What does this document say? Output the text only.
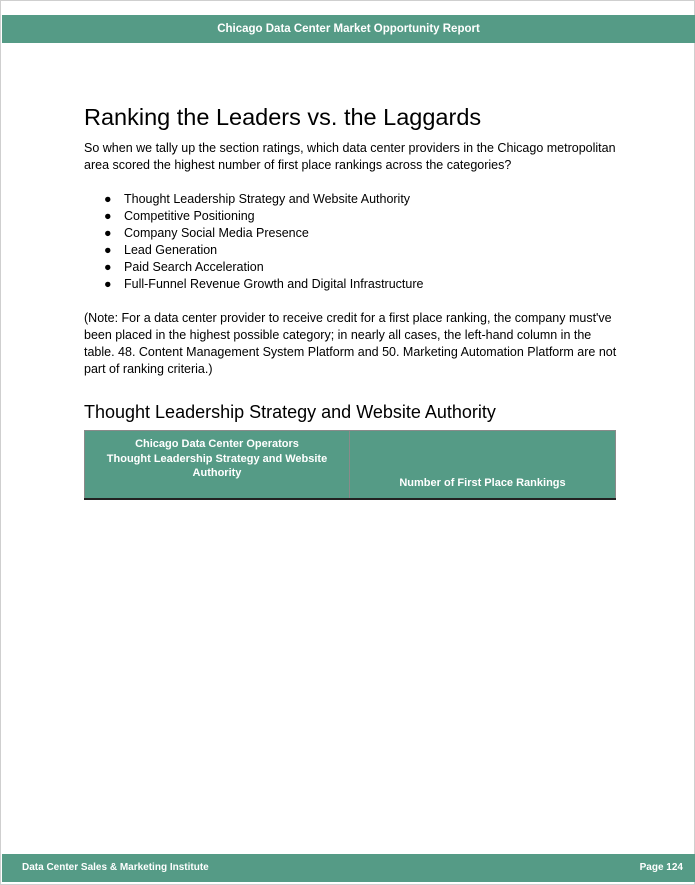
Chicago Data Center Market Opportunity Report
Ranking the Leaders vs. the Laggards

So when we tally up the section ratings, which data center providers in the Chicago metropolitan area scored the highest number of first place rankings across the categories?

● Thought Leadership Strategy and Website Authority
● Competitive Positioning
● Company Social Media Presence
● Lead Generation
● Paid Search Acceleration
● Full-Funnel Revenue Growth and Digital Infrastructure

(Note: For a data center provider to receive credit for a first place ranking, the company must've been placed in the highest possible category; in nearly all cases, the left-hand column in the table. 48. Content Management System Platform and 50. Marketing Automation Platform are not part of ranking criteria.)

Thought Leadership Strategy and Website Authority
Chicago Data Center Operators
Thought Leadership Strategy and Website
Authority
	Number of First Place Rankings
Data Center Sales & Marketing Institute	Page 124
